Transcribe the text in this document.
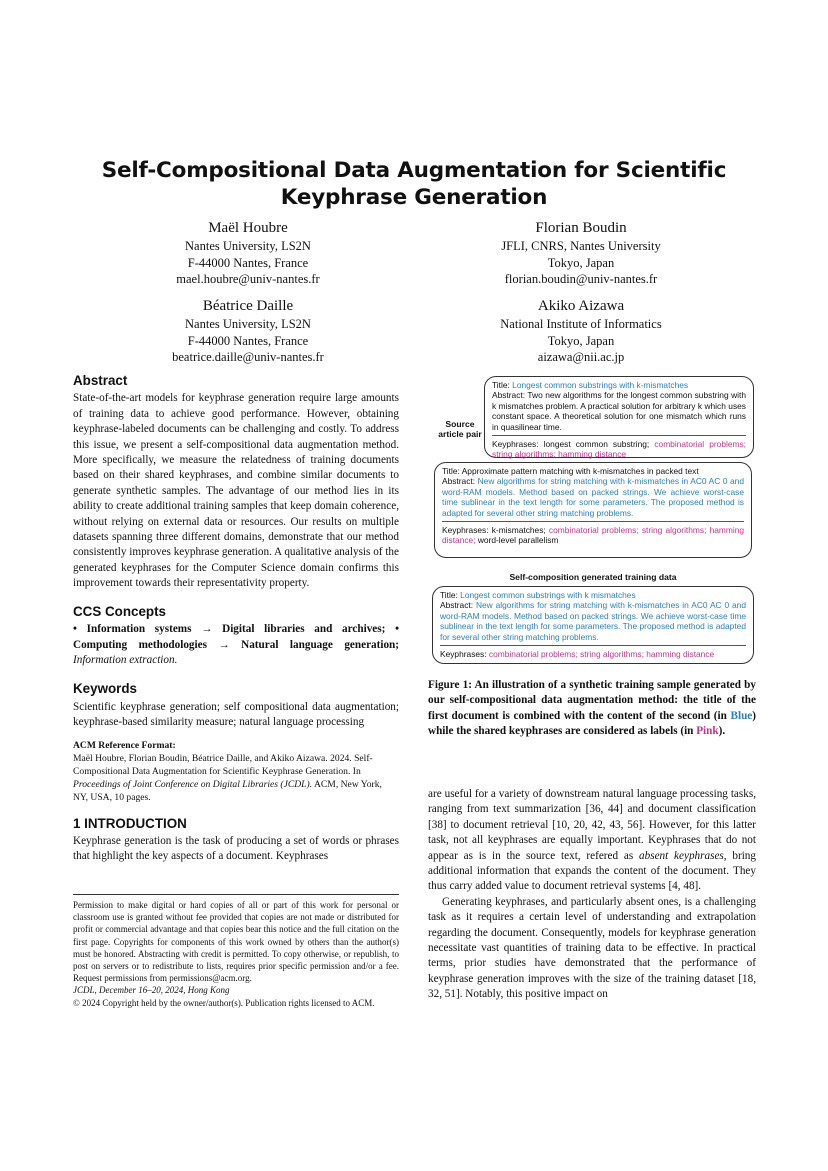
Self-Compositional Data Augmentation for Scientific Keyphrase Generation
Maël Houbre
Nantes University, LS2N
F-44000 Nantes, France
mael.houbre@univ-nantes.fr
Florian Boudin
JFLI, CNRS, Nantes University
Tokyo, Japan
florian.boudin@univ-nantes.fr
Béatrice Daille
Nantes University, LS2N
F-44000 Nantes, France
beatrice.daille@univ-nantes.fr
Akiko Aizawa
National Institute of Informatics
Tokyo, Japan
aizawa@nii.ac.jp
Abstract
State-of-the-art models for keyphrase generation require large amounts of training data to achieve good performance. However, obtaining keyphrase-labeled documents can be challenging and costly. To address this issue, we present a self-compositional data augmentation method. More specifically, we measure the relatedness of training documents based on their shared keyphrases, and combine similar documents to generate synthetic samples. The advantage of our method lies in its ability to create additional training samples that keep domain coherence, without relying on external data or resources. Our results on multiple datasets spanning three different domains, demonstrate that our method consistently improves keyphrase generation. A qualitative analysis of the generated keyphrases for the Computer Science domain confirms this improvement towards their representativity property.
CCS Concepts
• Information systems → Digital libraries and archives; • Computing methodologies → Natural language generation; Information extraction.
Keywords
Scientific keyphrase generation; self compositional data augmentation; keyphrase-based similarity measure; natural language processing
ACM Reference Format:
Maël Houbre, Florian Boudin, Béatrice Daille, and Akiko Aizawa. 2024. Self-Compositional Data Augmentation for Scientific Keyphrase Generation. In Proceedings of Joint Conference on Digital Libraries (JCDL). ACM, New York, NY, USA, 10 pages.
1 INTRODUCTION
Keyphrase generation is the task of producing a set of words or phrases that highlight the key aspects of a document. Keyphrases
Permission to make digital or hard copies of all or part of this work for personal or classroom use is granted without fee provided that copies are not made or distributed for profit or commercial advantage and that copies bear this notice and the full citation on the first page. Copyrights for components of this work owned by others than the author(s) must be honored. Abstracting with credit is permitted. To copy otherwise, or republish, to post on servers or to redistribute to lists, requires prior specific permission and/or a fee. Request permissions from permissions@acm.org.
JCDL, December 16–20, 2024, Hong Kong
© 2024 Copyright held by the owner/author(s). Publication rights licensed to ACM.
Source article pair
Title: Longest common substrings with k-mismatches
Abstract: Two new algorithms for the longest common substring with k mismatches problem. A practical solution for arbitrary k which uses constant space. A theoretical solution for one mismatch which runs in quasilinear time.
Keyphrases: longest common substring; combinatorial problems; string algorithms; hamming distance
Title: Approximate pattern matching with k-mismatches in packed text
Abstract: New algorithms for string matching with k-mismatches in AC0 AC 0 and word-RAM models. Method based on packed strings. We achieve worst-case time sublinear in the text length for some parameters. The proposed method is adapted for several other string matching problems.
Keyphrases: k-mismatches; combinatorial problems; string algorithms; hamming distance; word-level parallelism
Self-composition generated training data
Title: Longest common substrings with k mismatches
Abstract: New algorithms for string matching with k-mismatches in AC0 AC 0 and word-RAM models. Method based on packed strings. We achieve worst-case time sublinear in the text length for some parameters. The proposed method is adapted for several other string matching problems.
Keyphrases: combinatorial problems; string algorithms; hamming distance
Figure 1: An illustration of a synthetic training sample generated by our self-compositional data augmentation method: the title of the first document is combined with the content of the second (in Blue) while the shared keyphrases are considered as labels (in Pink).
are useful for a variety of downstream natural language processing tasks, ranging from text summarization [36, 44] and document classification [38] to document retrieval [10, 20, 42, 43, 56]. However, for this latter task, not all keyphrases are equally important. Keyphrases that do not appear as is in the source text, refered as absent keyphrases, bring additional information that expands the content of the document. They thus carry added value to document retrieval systems [4, 48].
Generating keyphrases, and particularly absent ones, is a challenging task as it requires a certain level of understanding and extrapolation regarding the document. Consequently, models for keyphrase generation necessitate vast quantities of training data to be effective. In practical terms, prior studies have demonstrated that the performance of keyphrase generation improves with the size of the training dataset [18, 32, 51]. Notably, this positive impact on
